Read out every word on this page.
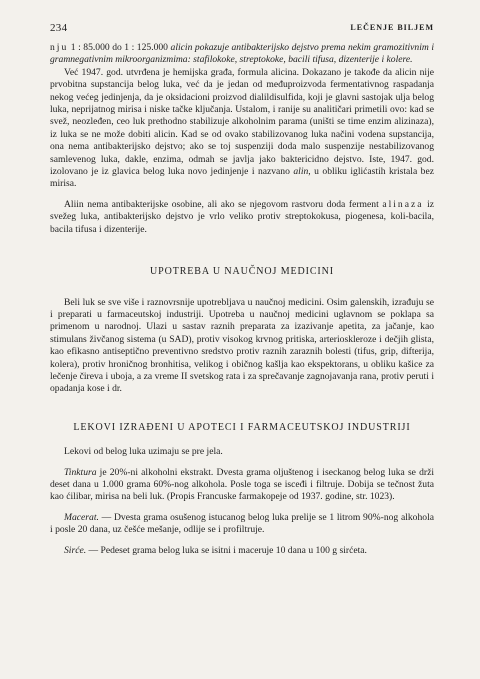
234	LEČENJE BILJEM

nju 1 : 85.000 do 1 : 125.000 alicin pokazuje antibakterijsko dejstvo prema nekim gramozitivnim i gramnegativnim mikroorganizmima: stafilokoke, streptokoke, bacili tifusa, dizenterije i kolere.

Već 1947. god. utvrđena je hemijska građa, formula alicina. Dokazano je takođe da alicin nije prvobitna supstancija belog luka, već da je jedan od međuproizvoda fermentativnog raspadanja nekog većeg jedinjenja, da je oksidacioni proizvod dialildisulfida, koji je glavni sastojak ulja belog luka, neprijatnog mirisa i niske tačke ključanja. Ustalom, i ranije su analitičari primetili ovo: kad se svež, neozleđen, ceo luk prethodno stabilizuje alkoholnim parama (uništi se time enzim alizinaza), iz luka se ne može dobiti alicin. Kad se od ovako stabilizovanog luka načini vodena supstancija, ona nema antibakterijsko dejstvo; ako se toj suspenziji doda malo suspenzije nestabilizovanog samlevenog luka, dakle, enzima, odmah se javlja jako baktericidno dejstvo. Iste, 1947. god. izolovano je iz glavica belog luka novo jedinjenje i nazvano alin, u obliku iglićastih kristala bez mirisa.

Aliin nema antibakterijske osobine, ali ako se njegovom rastvoru doda ferment alinaza iz svežeg luka, antibakterijsko dejstvo je vrlo veliko protiv streptokokusa, piogenesa, koli-bacila, bacila tifusa i dizenterije.

UPOTREBA U NAUČNOJ MEDICINI

Beli luk se sve više i raznovrsnije upotrebljava u naučnoj medicini. Osim galenskih, izrađuju se i preparati u farmaceutskoj industriji. Upotreba u naučnoj medicini uglavnom se poklapa sa primenom u narodnoj. Ulazi u sastav raznih preparata za izazivanje apetita, za jačanje, kao stimulans živčanog sistema (u SAD), protiv visokog krvnog pritiska, arterioskleroze i dečjih glista, kao efikasno antiseptično preventivno sredstvo protiv raznih zaraznih bolesti (tifus, grip, difterija, kolera), protiv hroničnog bronhitisa, velikog i običnog kašlja kao ekspektorans, u obliku kašice za lečenje čireva i uboja, a za vreme II svetskog rata i za sprečavanje zagnojavanja rana, protiv peruti i opadanja kose i dr.

LEKOVI IZRAĐENI U APOTECI I FARMACEUTSKOJ INDUSTRIJI

Lekovi od belog luka uzimaju se pre jela.

Tinktura je 20%-ni alkoholni ekstrakt. Dvesta grama oljuštenog i iseckanog belog luka se drži deset dana u 1.000 grama 60%-nog alkohola. Posle toga se isceđi i filtruje. Dobija se tečnost žuta kao ćilibar, mirisa na beli luk. (Propis Francuske farmakopeje od 1937. godine, str. 1023).

Macerat. — Dvesta grama osušenog istucanog belog luka prelije se 1 litrom 90%-nog alkohola i posle 20 dana, uz češće mešanje, odlije se i profiltruje.

Sirće. — Pedeset grama belog luka se isitni i maceruje 10 dana u 100 g sirćeta.
